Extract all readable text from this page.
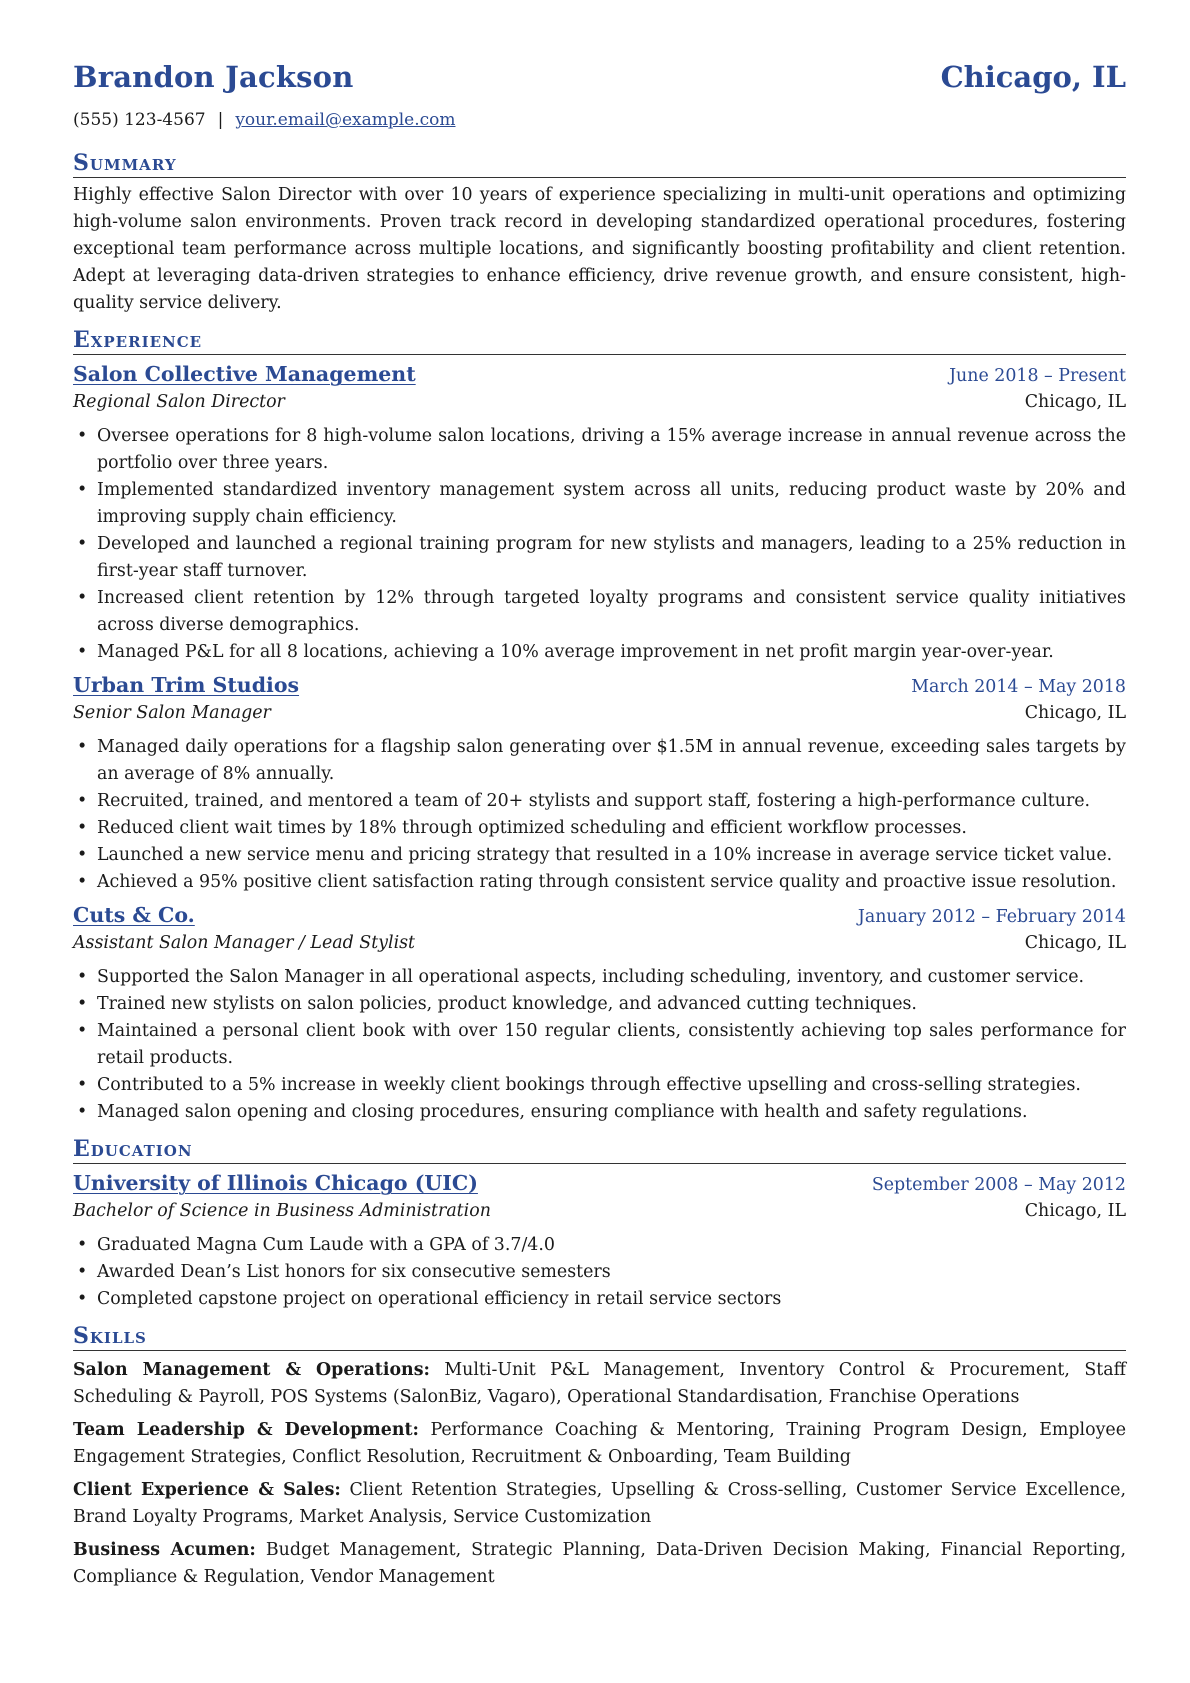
Brandon Jackson	Chicago, IL
(555) 123-4567 | your.email@example.com
Summary

Highly effective Salon Director with over 10 years of experience specializing in multi-unit operations and optimizing high-volume salon environments. Proven track record in developing standardized operational procedures, fostering exceptional team performance across multiple locations, and significantly boosting profitability and client retention. Adept at leveraging data-driven strategies to enhance efficiency, drive revenue growth, and ensure consistent, high-quality service delivery.

Experience
Salon Collective Management	June 2018 – Present
Regional Salon Director	Chicago, IL
• Oversee operations for 8 high-volume salon locations, driving a 15% average increase in annual revenue across the portfolio over three years.
• Implemented standardized inventory management system across all units, reducing product waste by 20% and improving supply chain efficiency.
• Developed and launched a regional training program for new stylists and managers, leading to a 25% reduction in first-year staff turnover.
• Increased client retention by 12% through targeted loyalty programs and consistent service quality initiatives across diverse demographics.
• Managed P&L for all 8 locations, achieving a 10% average improvement in net profit margin year-over-year.
Urban Trim Studios	March 2014 – May 2018
Senior Salon Manager	Chicago, IL
• Managed daily operations for a flagship salon generating over $1.5M in annual revenue, exceeding sales targets by an average of 8% annually.
• Recruited, trained, and mentored a team of 20+ stylists and support staff, fostering a high-performance culture.
• Reduced client wait times by 18% through optimized scheduling and efficient workflow processes.
• Launched a new service menu and pricing strategy that resulted in a 10% increase in average service ticket value.
• Achieved a 95% positive client satisfaction rating through consistent service quality and proactive issue resolution.
Cuts & Co.	January 2012 – February 2014
Assistant Salon Manager / Lead Stylist	Chicago, IL
• Supported the Salon Manager in all operational aspects, including scheduling, inventory, and customer service.
• Trained new stylists on salon policies, product knowledge, and advanced cutting techniques.
• Maintained a personal client book with over 150 regular clients, consistently achieving top sales performance for retail products.
• Contributed to a 5% increase in weekly client bookings through effective upselling and cross-selling strategies.
• Managed salon opening and closing procedures, ensuring compliance with health and safety regulations.
Education
University of Illinois Chicago (UIC)	September 2008 – May 2012
Bachelor of Science in Business Administration	Chicago, IL
• Graduated Magna Cum Laude with a GPA of 3.7/4.0
• Awarded Dean’s List honors for six consecutive semesters
• Completed capstone project on operational efficiency in retail service sectors
Skills
Salon Management & Operations: Multi-Unit P&L Management, Inventory Control & Procurement, Staff Scheduling & Payroll, POS Systems (SalonBiz, Vagaro), Operational Standardisation, Franchise Operations
Team Leadership & Development: Performance Coaching & Mentoring, Training Program Design, Employee Engagement Strategies, Conflict Resolution, Recruitment & Onboarding, Team Building
Client Experience & Sales: Client Retention Strategies, Upselling & Cross-selling, Customer Service Excellence, Brand Loyalty Programs, Market Analysis, Service Customization
Business Acumen: Budget Management, Strategic Planning, Data-Driven Decision Making, Financial Reporting, Compliance & Regulation, Vendor Management
